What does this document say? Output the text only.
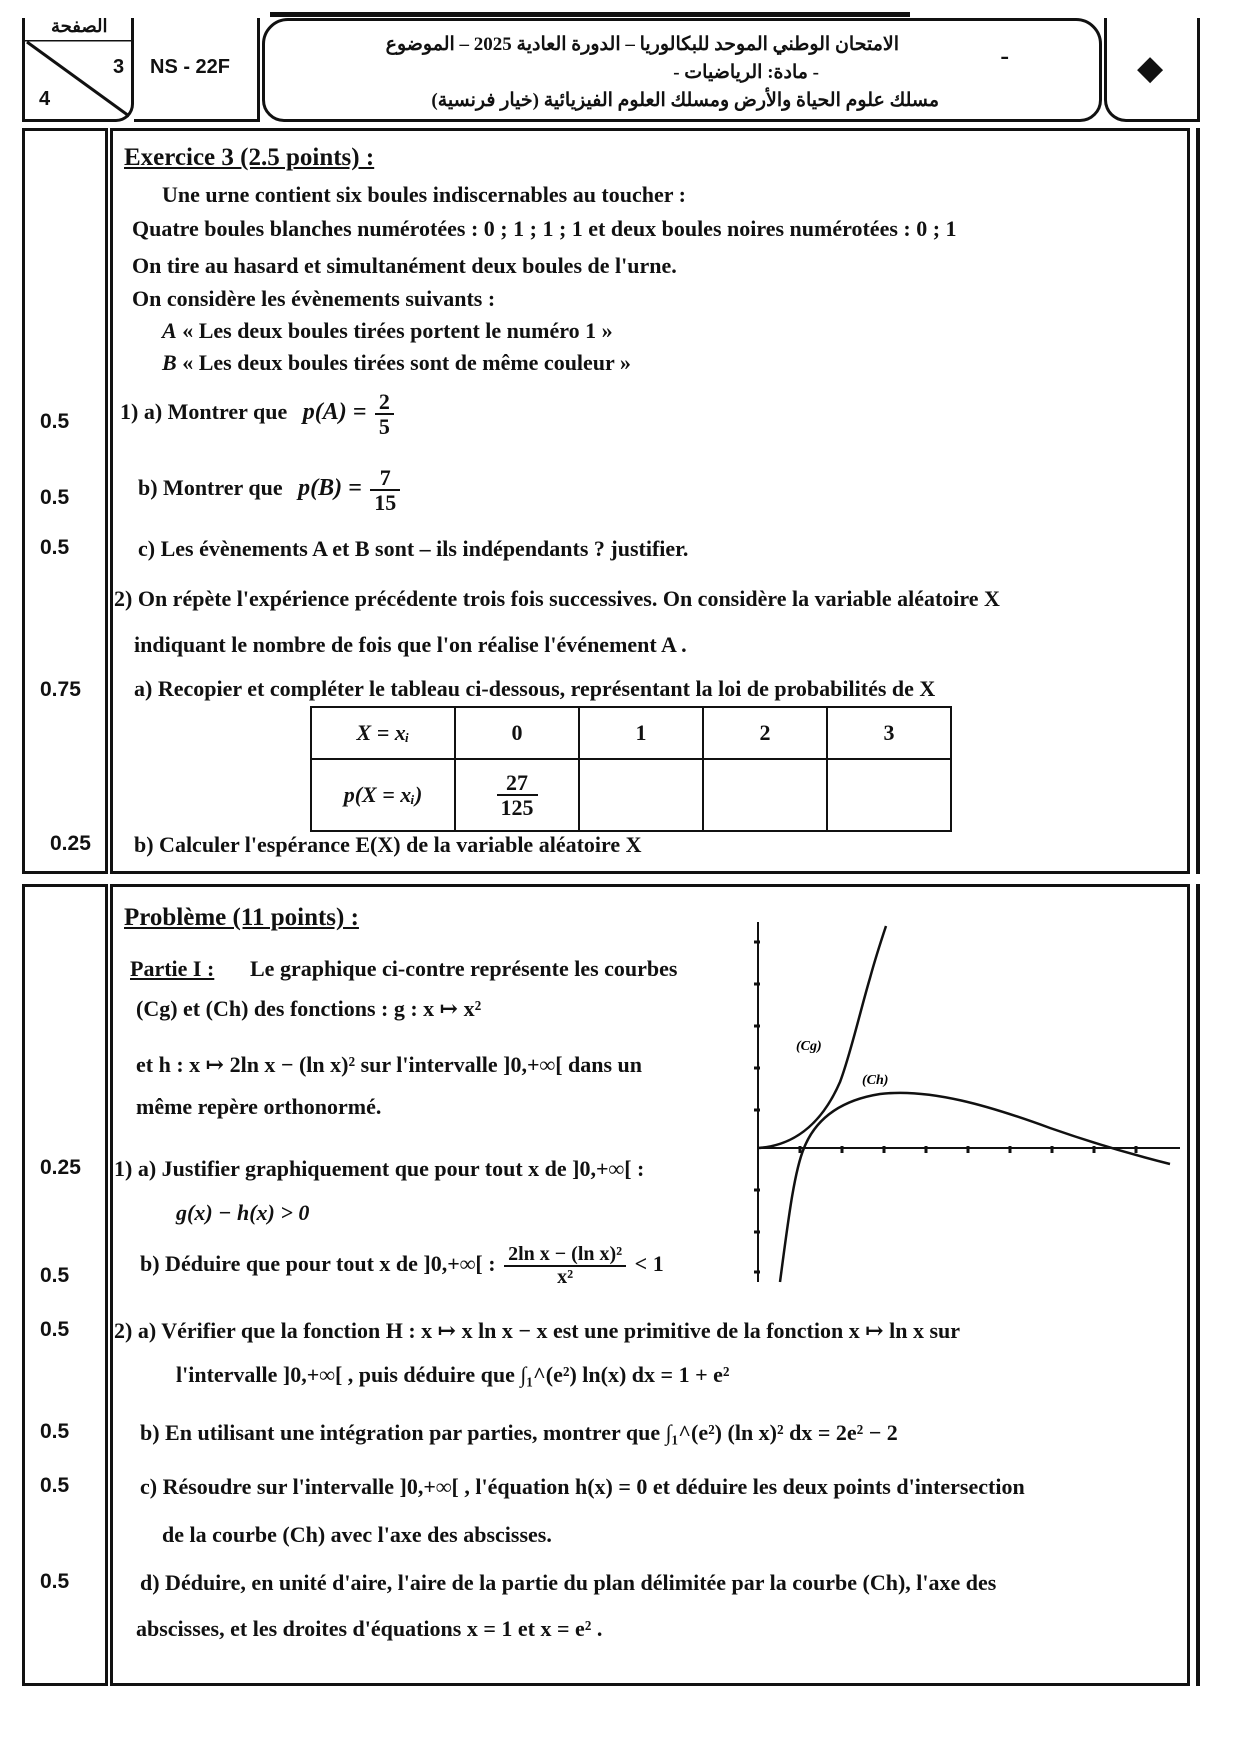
الصفحة
3
4
NS - 22F
الامتحان الوطني الموحد للبكالوريا – الدورة العادية 2025 – الموضوع
- مادة: الرياضيات -
مسلك علوم الحياة والأرض ومسلك العلوم الفيزيائية (خيار فرنسية)
-	◆
Exercice 3 (2.5 points) :
Une urne contient six boules indiscernables au toucher :
Quatre boules blanches numérotées : 0 ; 1 ; 1 ; 1 et deux boules noires numérotées : 0 ; 1
On tire au hasard et simultanément deux boules de l'urne.
On considère les évènements suivants :
A « Les deux boules tirées portent le numéro 1 »
B « Les deux boules tirées sont de même couleur »
0.5 1) a) Montrer que $p(A) = \frac{2}{5}$
0.5	b) Montrer que $p(B) = \frac{7}{15}$
0.5	c) Les évènements A et B sont – ils indépendants ? justifier.
2) On répète l'expérience précédente trois fois successives. On considère la variable aléatoire X
indiquant le nombre de fois que l'on réalise l'événement A .
0.75 a) Recopier et compléter le tableau ci-dessous, représentant la loi de probabilités de X
X = xᵢ	0	1	2	3
p(X = xᵢ)	$\frac{27}{125}$

0.25 b) Calculer l'espérance E(X) de la variable aléatoire X
Problème (11 points) :
Partie I : Le graphique ci-contre représente les courbes
(Cg) et (Ch) des fonctions : g : x ↦ x²
et h : x ↦ 2ln x − (ln x)² sur l'intervalle ]0,+∞[ dans un
même repère orthonormé.
(Cg)
(Ch)
0.25 1) a) Justifier graphiquement que pour tout x de ]0,+∞[ :
g(x) − h(x) > 0
0.5	b) Déduire que pour tout x de ]0,+∞[ : $\frac{\text{2ln x − (ln x)²}}{\text{x²}} < 1$
0.5 2) a) Vérifier que la fonction H : x ↦ x ln x − x est une primitive de la fonction x ↦ ln x sur
l'intervalle ]0,+∞[ , puis déduire que ∫₁^(e²) ln(x) dx = 1 + e²
0.5	b) En utilisant une intégration par parties, montrer que ∫₁^(e²) (ln x)² dx = 2e² − 2
0.5	c) Résoudre sur l'intervalle ]0,+∞[ , l'équation h(x) = 0 et déduire les deux points d'intersection
de la courbe (Ch) avec l'axe des abscisses.
0.5	d) Déduire, en unité d'aire, l'aire de la partie du plan délimitée par la courbe (Ch), l'axe des
abscisses, et les droites d'équations x = 1 et x = e² .
